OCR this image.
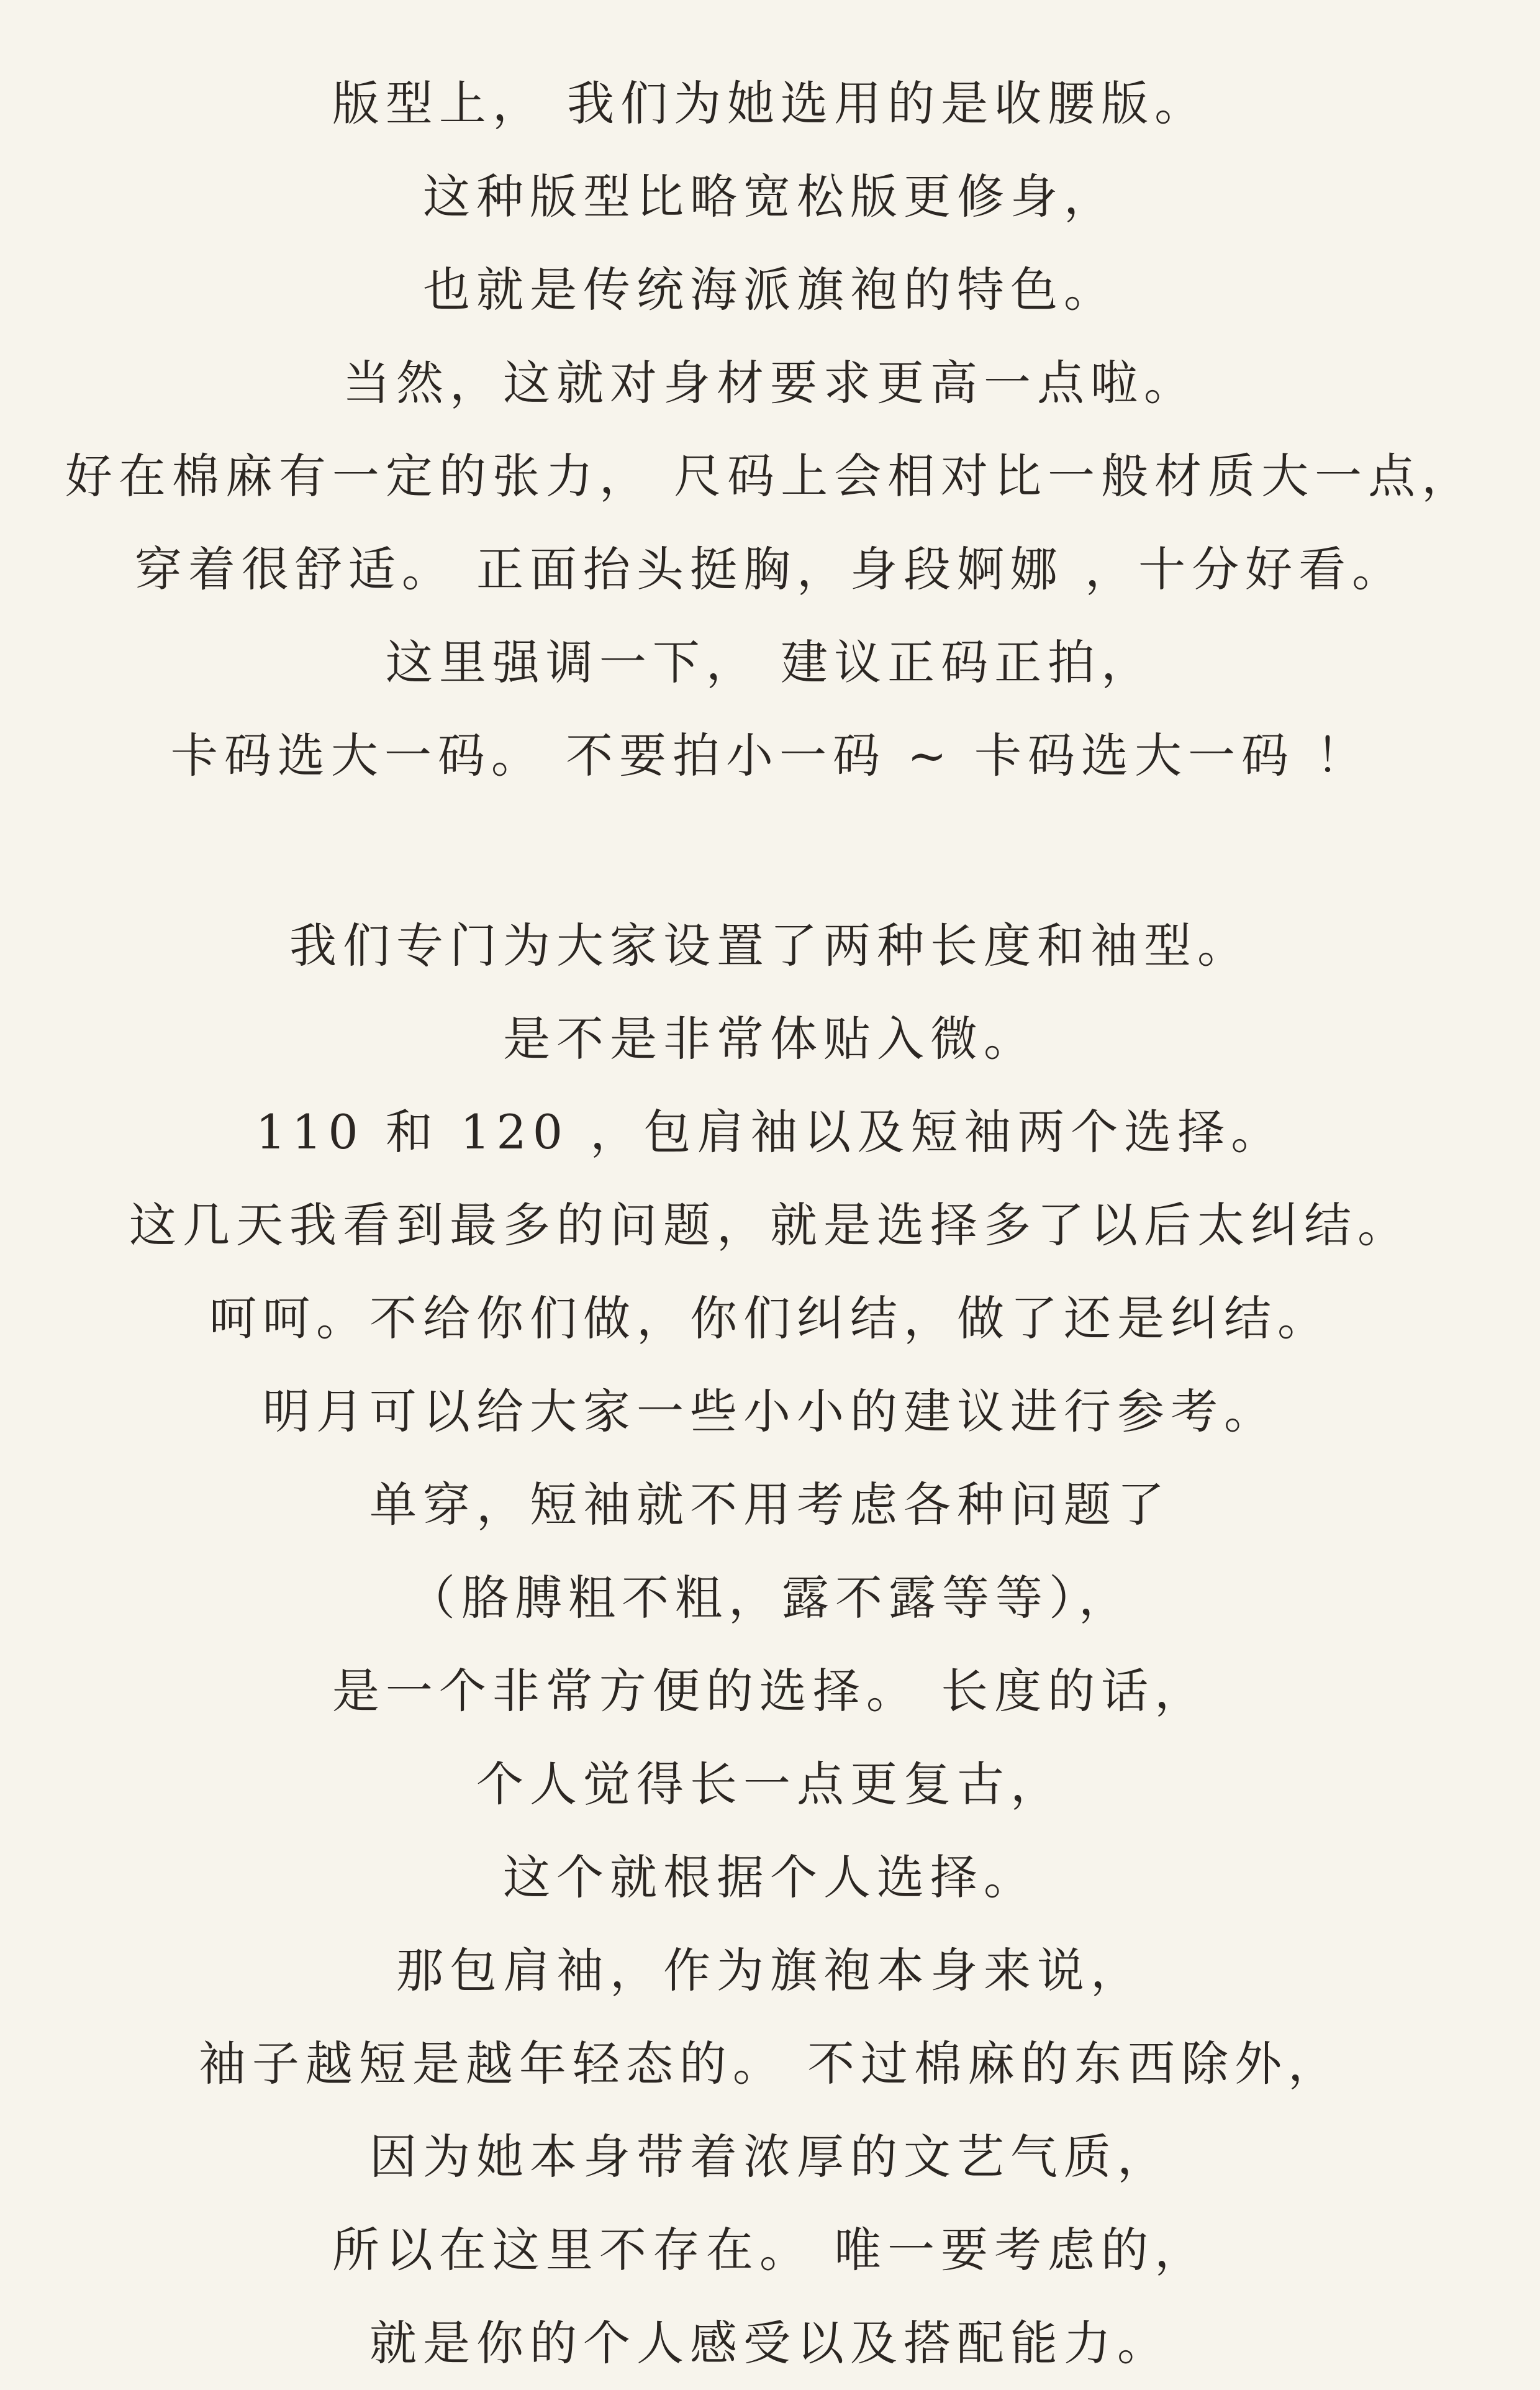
版型上， 我们为她选用的是收腰版。
这种版型比略宽松版更修身，
也就是传统海派旗袍的特色。
当然，这就对身材要求更高一点啦。
好在棉麻有一定的张力， 尺码上会相对比一般材质大一点，
穿着很舒适。 正面抬头挺胸，身段婀娜 ，十分好看。
这里强调一下， 建议正码正拍，
卡码选大一码。 不要拍小一码 ~ 卡码选大一码 ！
我们专门为大家设置了两种长度和袖型。
是不是非常体贴入微。
110 和 120 ，包肩袖以及短袖两个选择。
这几天我看到最多的问题，就是选择多了以后太纠结。
呵呵。不给你们做，你们纠结，做了还是纠结。
明月可以给大家一些小小的建议进行参考。
单穿，短袖就不用考虑各种问题了
（胳膊粗不粗，露不露等等），
是一个非常方便的选择。 长度的话，
个人觉得长一点更复古，
这个就根据个人选择。
那包肩袖，作为旗袍本身来说，
袖子越短是越年轻态的。 不过棉麻的东西除外，
因为她本身带着浓厚的文艺气质，
所以在这里不存在。 唯一要考虑的，
就是你的个人感受以及搭配能力。
